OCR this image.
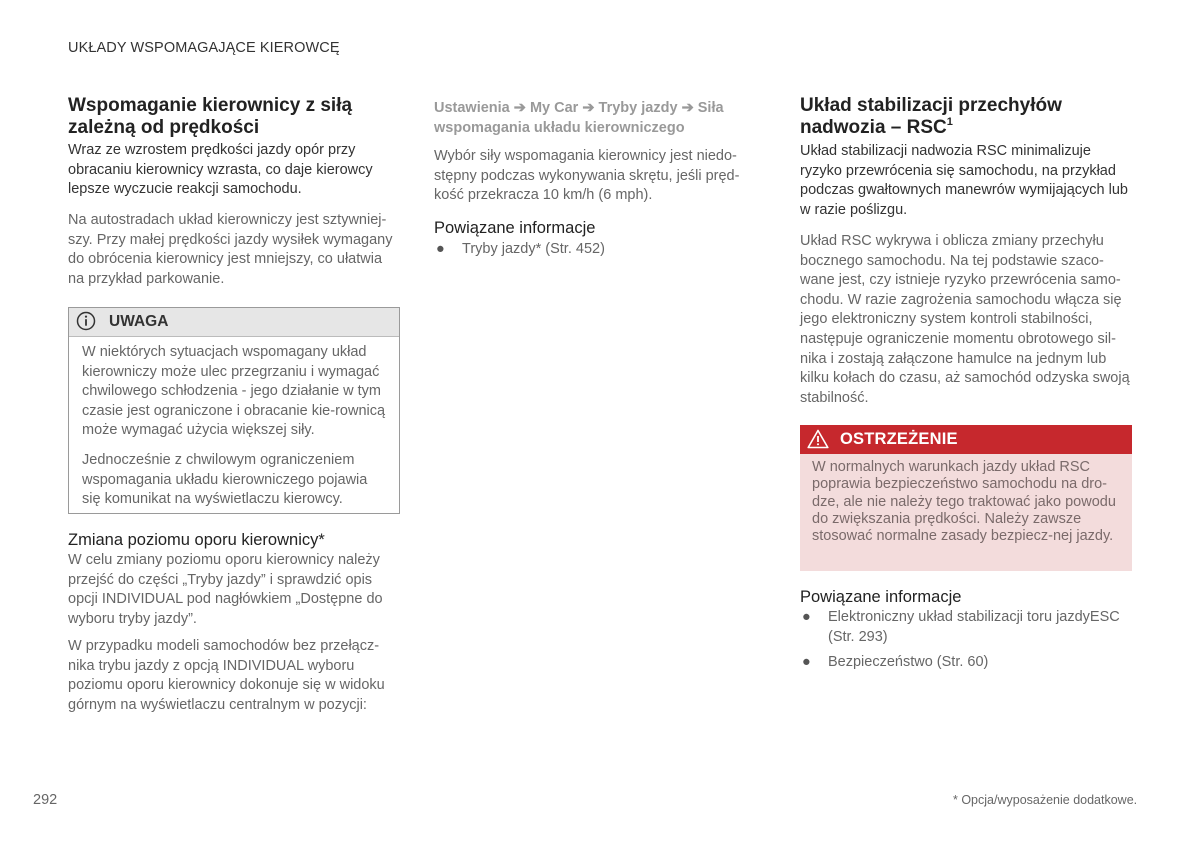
UKŁADY WSPOMAGAJĄCE KIEROWCĘ
Wspomaganie kierownicy z siłą zależną od prędkości

Wraz ze wzrostem prędkości jazdy opór przy obracaniu kierownicy wzrasta, co daje kierowcy lepsze wyczucie reakcji samochodu.

Na autostradach układ kierowniczy jest sztywniej-szy. Przy małej prędkości jazdy wysiłek wymagany do obrócenia kierownicy jest mniejszy, co ułatwia na przykład parkowanie.

UWAGA

W niektórych sytuacjach wspomagany układ kierowniczy może ulec przegrzaniu i wymagać chwilowego schłodzenia - jego działanie w tym czasie jest ograniczone i obracanie kie-rownicą może wymagać użycia większej siły.

Jednocześnie z chwilowym ograniczeniem wspomagania układu kierowniczego pojawia się komunikat na wyświetlaczu kierowcy.

Zmiana poziomu oporu kierownicy*

W celu zmiany poziomu oporu kierownicy należy przejść do części „Tryby jazdy” i sprawdzić opis opcji INDIVIDUAL pod nagłówkiem „Dostępne do wyboru tryby jazdy”.

W przypadku modeli samochodów bez przełącz-nika trybu jazdy z opcją INDIVIDUAL wyboru poziomu oporu kierownicy dokonuje się w widoku górnym na wyświetlaczu centralnym w pozycji:

Ustawienia ➔ My Car ➔ Tryby jazdy ➔ Siła wspomagania układu kierowniczego

Wybór siły wspomagania kierownicy jest niedo-stępny podczas wykonywania skrętu, jeśli pręd-kość przekracza 10 km/h (6 mph).

Powiązane informacje
● Tryby jazdy* (Str. 452)
Układ stabilizacji przechyłów nadwozia – RSC$^1$

Układ stabilizacji nadwozia RSC minimalizuje ryzyko przewrócenia się samochodu, na przykład podczas gwałtownych manewrów wymijających lub w razie poślizgu.

Układ RSC wykrywa i oblicza zmiany przechyłu bocznego samochodu. Na tej podstawie szaco-wane jest, czy istnieje ryzyko przewrócenia samo-chodu. W razie zagrożenia samochodu włącza się jego elektroniczny system kontroli stabilności, następuje ograniczenie momentu obrotowego sil-nika i zostają załączone hamulce na jednym lub kilku kołach do czasu, aż samochód odzyska swoją stabilność.

OSTRZEŻENIE

W normalnych warunkach jazdy układ RSC poprawia bezpieczeństwo samochodu na dro-dze, ale nie należy tego traktować jako powodu do zwiększania prędkości. Należy zawsze stosować normalne zasady bezpiecz-nej jazdy.

Powiązane informacje
● Elektroniczny układ stabilizacji toru jazdyESC (Str. 293)
● Bezpieczeństwo (Str. 60)
292	* Opcja/wyposażenie dodatkowe.
